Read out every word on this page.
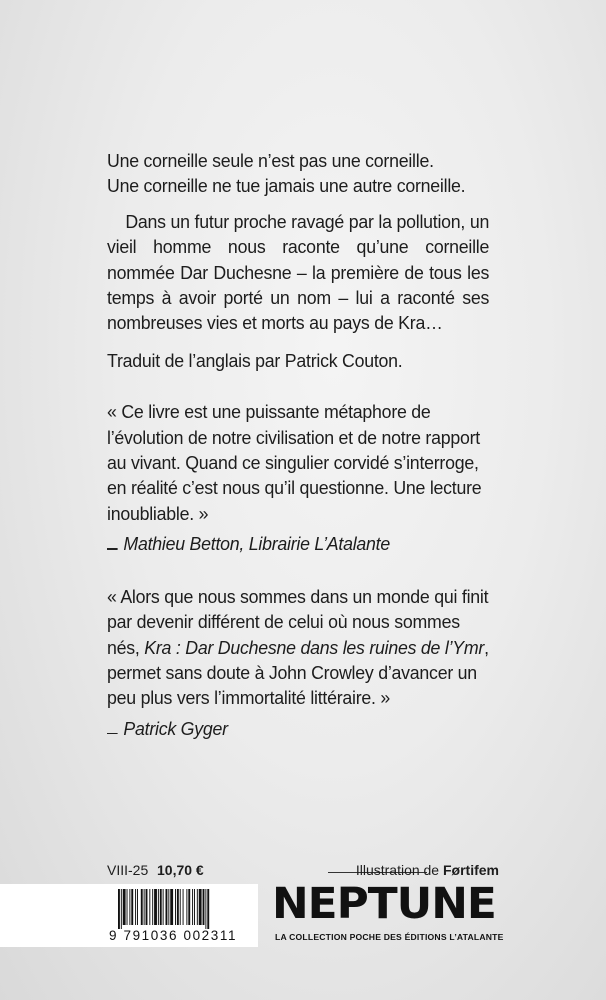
Une corneille seule n’est pas une corneille.

Une corneille ne tue jamais une autre corneille.

Dans un futur proche ravagé par la pollution, un vieil homme nous raconte qu’une corneille nommée Dar Duchesne – la première de tous les temps à avoir porté un nom – lui a raconté ses nombreuses vies et morts au pays de Kra…

Traduit de l’anglais par Patrick Couton.

« Ce livre est une puissante métaphore de l’évolution de notre civilisation et de notre rapport au vivant. Quand ce singulier corvidé s’interroge, en réalité c’est nous qu’il questionne. Une lecture inoubliable. »

Mathieu Betton, Librairie L’Atalante

« Alors que nous sommes dans un monde qui finit par devenir différent de celui où nous sommes nés, Kra : Dar Duchesne dans les ruines de l’Ymr, permet sans doute à John Crowley d’avancer un peu plus vers l’immortalité littéraire. »

Patrick Gyger

VIII-25 10,70 €	Illustration de Førtifem
9 791036 002311
NEPTUNE
LA COLLECTION POCHE DES ÉDITIONS L’ATALANTE
